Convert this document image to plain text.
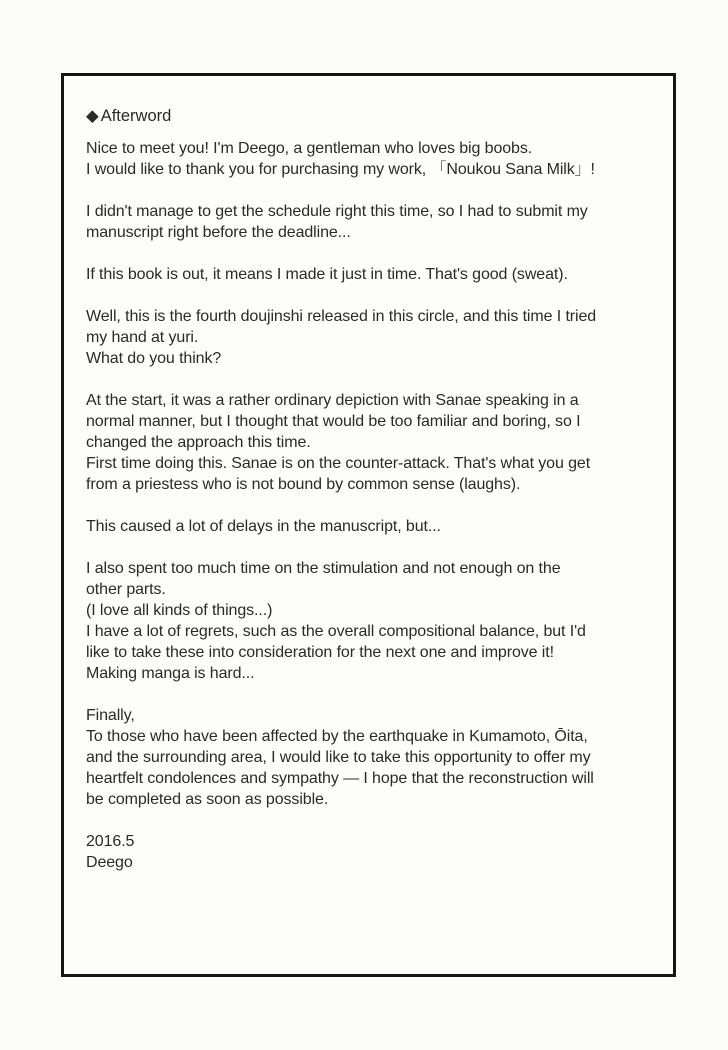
◆ Afterword
Nice to meet you! I'm Deego, a gentleman who loves big boobs.
I would like to thank you for purchasing my work, 「Noukou Sana Milk」!
I didn't manage to get the schedule right this time, so I had to submit my
manuscript right before the deadline...
If this book is out, it means I made it just in time. That's good (sweat).
Well, this is the fourth doujinshi released in this circle, and this time I tried
my hand at yuri.
What do you think?
At the start, it was a rather ordinary depiction with Sanae speaking in a
normal manner, but I thought that would be too familiar and boring, so I
changed the approach this time.
First time doing this. Sanae is on the counter-attack. That's what you get
from a priestess who is not bound by common sense (laughs).
This caused a lot of delays in the manuscript, but...
I also spent too much time on the stimulation and not enough on the
other parts.
(I love all kinds of things...)
I have a lot of regrets, such as the overall compositional balance, but I'd
like to take these into consideration for the next one and improve it!
Making manga is hard...
Finally,
To those who have been affected by the earthquake in Kumamoto, Ōita,
and the surrounding area, I would like to take this opportunity to offer my
heartfelt condolences and sympathy — I hope that the reconstruction will
be completed as soon as possible.
2016.5
Deego
